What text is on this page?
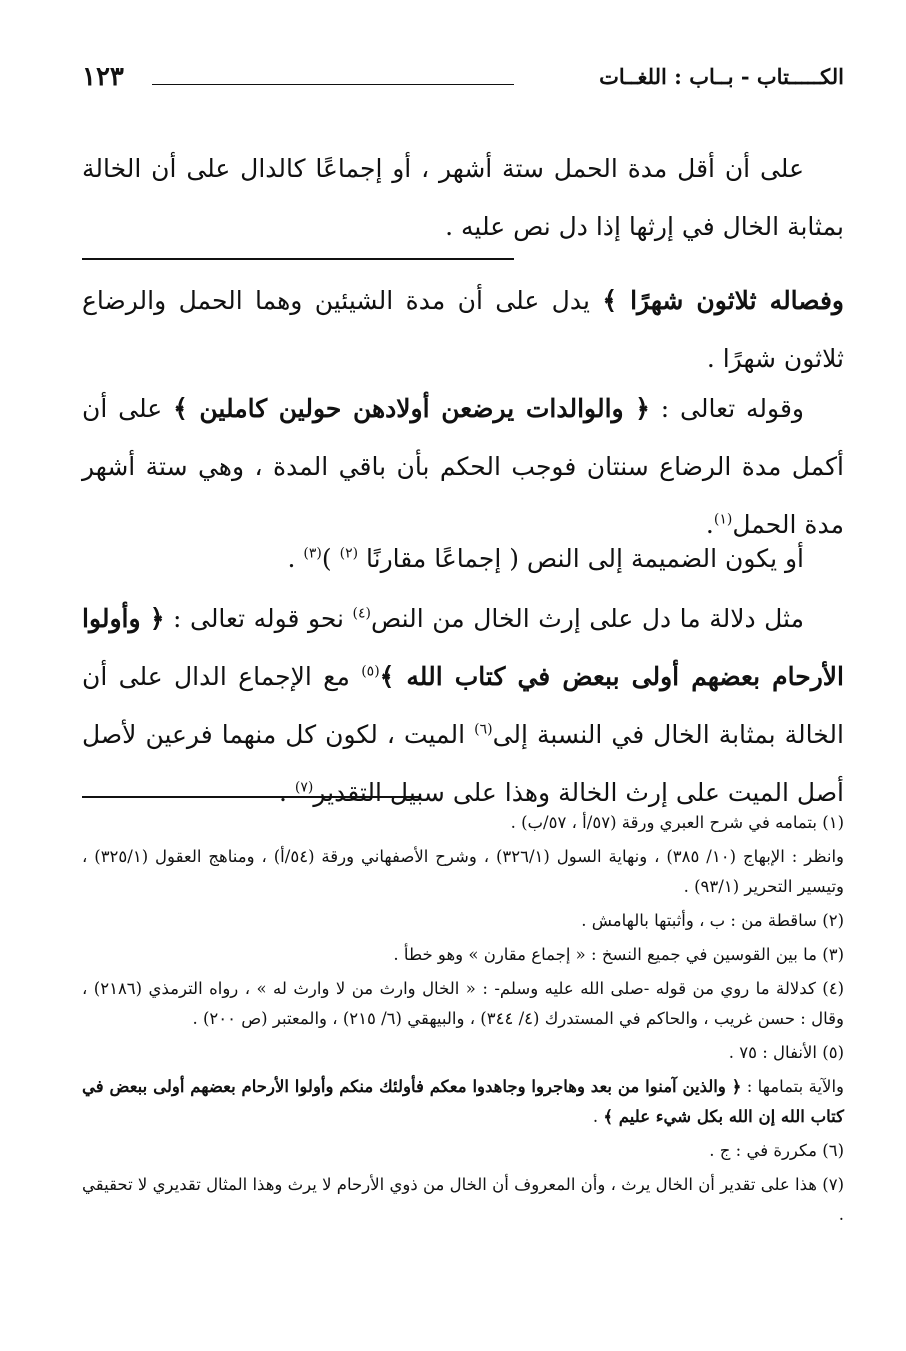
الكـــــتاب - بــاب : اللغــات
١٢٣

على أن أقل مدة الحمل ستة أشهر ، أو إجماعًا كالدال على أن الخالة بمثابة الخال في إرثها إذا دل نص عليه .

وفصاله ثلاثون شهرًا ﴾ يدل على أن مدة الشيئين وهما الحمل والرضاع ثلاثون شهرًا .

وقوله تعالى : ﴿ والوالدات يرضعن أولادهن حولين كاملين ﴾ على أن أكمل مدة الرضاع سنتان فوجب الحكم بأن باقي المدة ، وهي ستة أشهر مدة الحمل$^{(١)}$.

أو يكون الضميمة إلى النص ( إجماعًا مقارنًا $^{(٢)}$ )$^{(٣)}$ .

مثل دلالة ما دل على إرث الخال من النص$^{(٤)}$ نحو قوله تعالى : ﴿ وأولوا الأرحام بعضهم أولى ببعض في كتاب الله ﴾$^{(٥)}$ مع الإجماع الدال على أن الخالة بمثابة الخال في النسبة إلى$^{(٦)}$ الميت ، لكون كل منهما فرعين لأصل أصل الميت على إرث الخالة وهذا على سبيل التقدير$^{(٧)}$ .

(١) بتمامه في شرح العبري ورقة (٥٧/أ ، ٥٧/ب) .

وانظر : الإبهاج (١٠/ ٣٨٥) ، ونهاية السول (٣٢٦/١) ، وشرح الأصفهاني ورقة (٥٤/أ) ، ومناهج العقول (٣٢٥/١) ، وتيسير التحرير (٩٣/١) .

(٢) ساقطة من : ب ، وأثبتها بالهامش .

(٣) ما بين القوسين في جميع النسخ : « إجماع مقارن » وهو خطأ .

(٤) كدلالة ما روي من قوله -صلى الله عليه وسلم- : « الخال وارث من لا وارث له » ، رواه الترمذي (٢١٨٦) ، وقال : حسن غريب ، والحاكم في المستدرك (٤/ ٣٤٤) ، والبيهقي (٦/ ٢١٥) ، والمعتبر (ص ٢٠٠) .

(٥) الأنفال : ٧٥ .

والآية بتمامها : ﴿ والذين آمنوا من بعد وهاجروا وجاهدوا معكم فأولئك منكم وأولوا الأرحام بعضهم أولى ببعض في كتاب الله إن الله بكل شيء عليم ﴾ .

(٦) مكررة في : ج .

(٧) هذا على تقدير أن الخال يرث ، وأن المعروف أن الخال من ذوي الأرحام لا يرث وهذا المثال تقديري لا تحقيقي .
